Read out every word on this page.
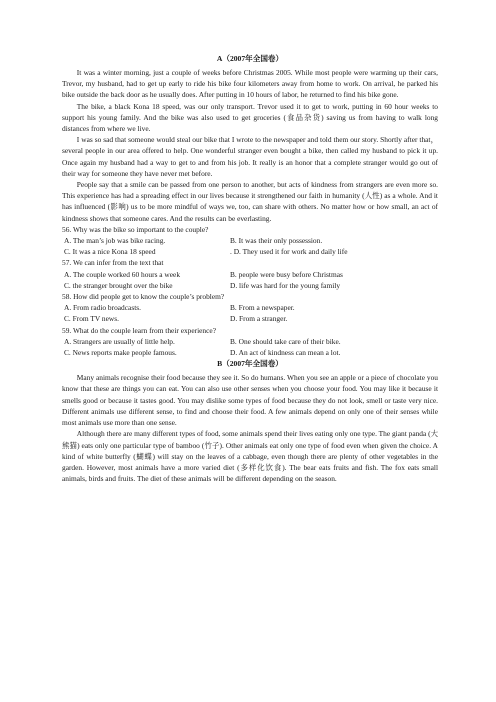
A（2007年全国卷）

It was a winter morning, just a couple of weeks before Christmas 2005. While most people were warming up their cars, Trevor, my husband, had to get up early to ride his bike four kilometers away from home to work. On arrival, he parked his bike outside the back door as he usually does. After putting in 10 hours of labor, he returned to find his bike gone.

The bike, a black Kona 18 speed, was our only transport. Trevor used it to get to work, putting in 60 hour weeks to support his young family. And the bike was also used to get groceries (食品杂货) saving us from having to walk long distances from where we live.

I was so sad that someone would steal our bike that I wrote to the newspaper and told them our story. Shortly after that，several people in our area offered to help. One wonderful stranger even bought a bike, then called my husband to pick it up. Once again my husband had a way to get to and from his job. It really is an honor that a complete stranger would go out of their way for someone they have never met before.

People say that a smile can be passed from one person to another, but acts of kindness from strangers are even more so. This experience has had a spreading effect in our lives because it strengthened our faith in humanity (人性) as a whole. And it has influenced (影响) us to be more mindful of ways we, too, can share with others. No matter how or how small, an act of kindness shows that someone cares. And the results can be everlasting.

56. Why was the bike so important to the couple?

A. The man’s job was bike racing.	B. It was their only possession.
C. It was a nice Kona 18 speed	. D. They used it for work and daily life

57. We can infer from the text that

A. The couple worked 60 hours a week	B. people were busy before Christmas
C. the stranger brought over the bike	D. life was hard for the young family

58. How did people get to know the couple’s problem?

A. From radio broadcasts.	B. From a newspaper.
C. From TV news.	D. From a stranger.

59. What do the couple learn from their experience?

A. Strangers are usually of little help.	B. One should take care of their bike.
C. News reports make people famous.	D. An act of kindness can mean a lot.
B（2007年全国卷）

Many animals recognise their food because they see it. So do humans. When you see an apple or a piece of chocolate you know that these are things you can eat. You can also use other senses when you choose your food. You may like it because it smells good or because it tastes good. You may dislike some types of food because they do not look, smell or taste very nice. Different animals use different sense, to find and choose their food. A few animals depend on only one of their senses while most animals use more than one sense.

Although there are many different types of food, some animals spend their lives eating only one type. The giant panda (大熊猫) eats only one particular type of bamboo (竹子). Other animals eat only one type of food even when given the choice. A kind of white butterfly (蝴蝶) will stay on the leaves of a cabbage, even though there are plenty of other vegetables in the garden. However, most animals have a more varied diet (多样化饮食). The bear eats fruits and fish. The fox eats small animals, birds and fruits. The diet of these animals will be different depending on the season.
